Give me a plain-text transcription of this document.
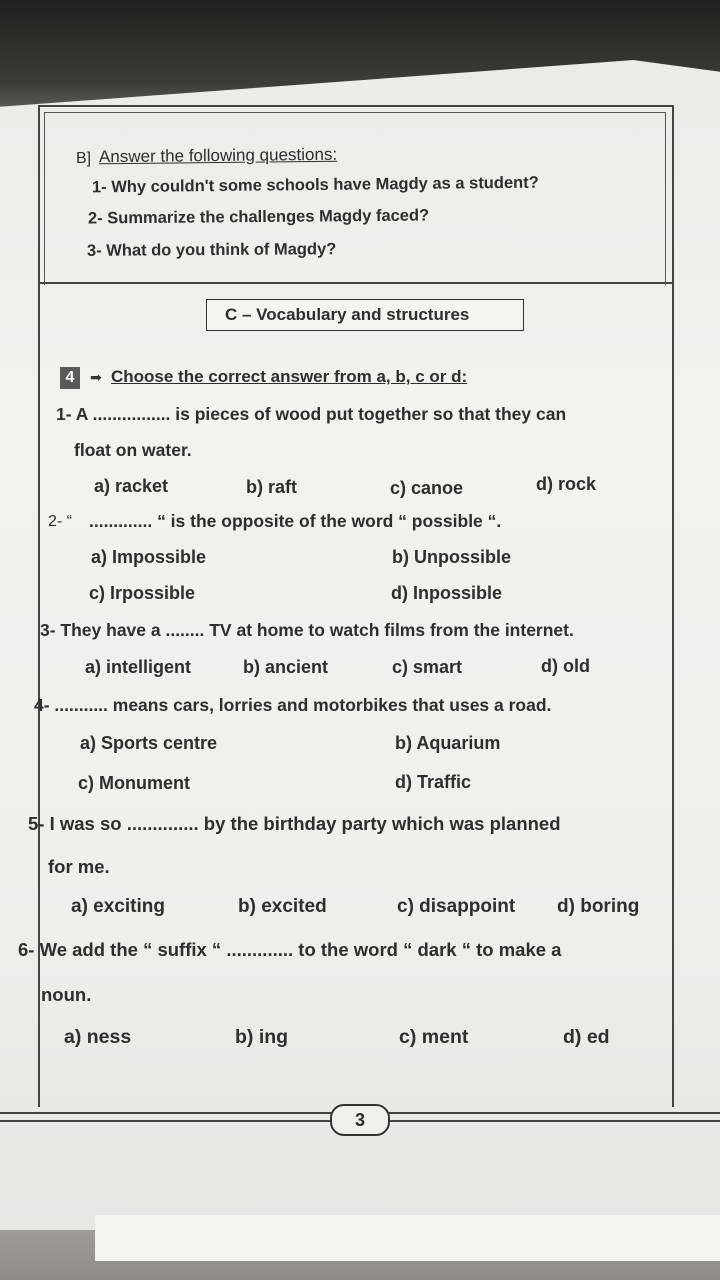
B] Answer the following questions:
1- Why couldn't some schools have Magdy as a student?
2- Summarize the challenges Magdy faced?
3- What do you think of Magdy?
C – Vocabulary and structures
4	➡ Choose the correct answer from a, b, c or d:
1- A ................ is pieces of wood put together so that they can
float on water.
a) racket	b) raft	c) canoe	d) rock
2- “ ............. “ is the opposite of the word “ possible “.
a) Impossible	b) Unpossible
c) Irpossible	d) Inpossible
3- They have a ........ TV at home to watch films from the internet.
a) intelligent	b) ancient	c) smart	d) old
4- ........... means cars, lorries and motorbikes that uses a road.
a) Sports centre	b) Aquarium
c) Monument	d) Traffic
5- I was so .............. by the birthday party which was planned
for me.
a) exciting	b) excited	c) disappoint d) boring
6- We add the “ suffix “ ............. to the word “ dark “ to make a
noun.
a) ness	b) ing	c) ment	d) ed
3
